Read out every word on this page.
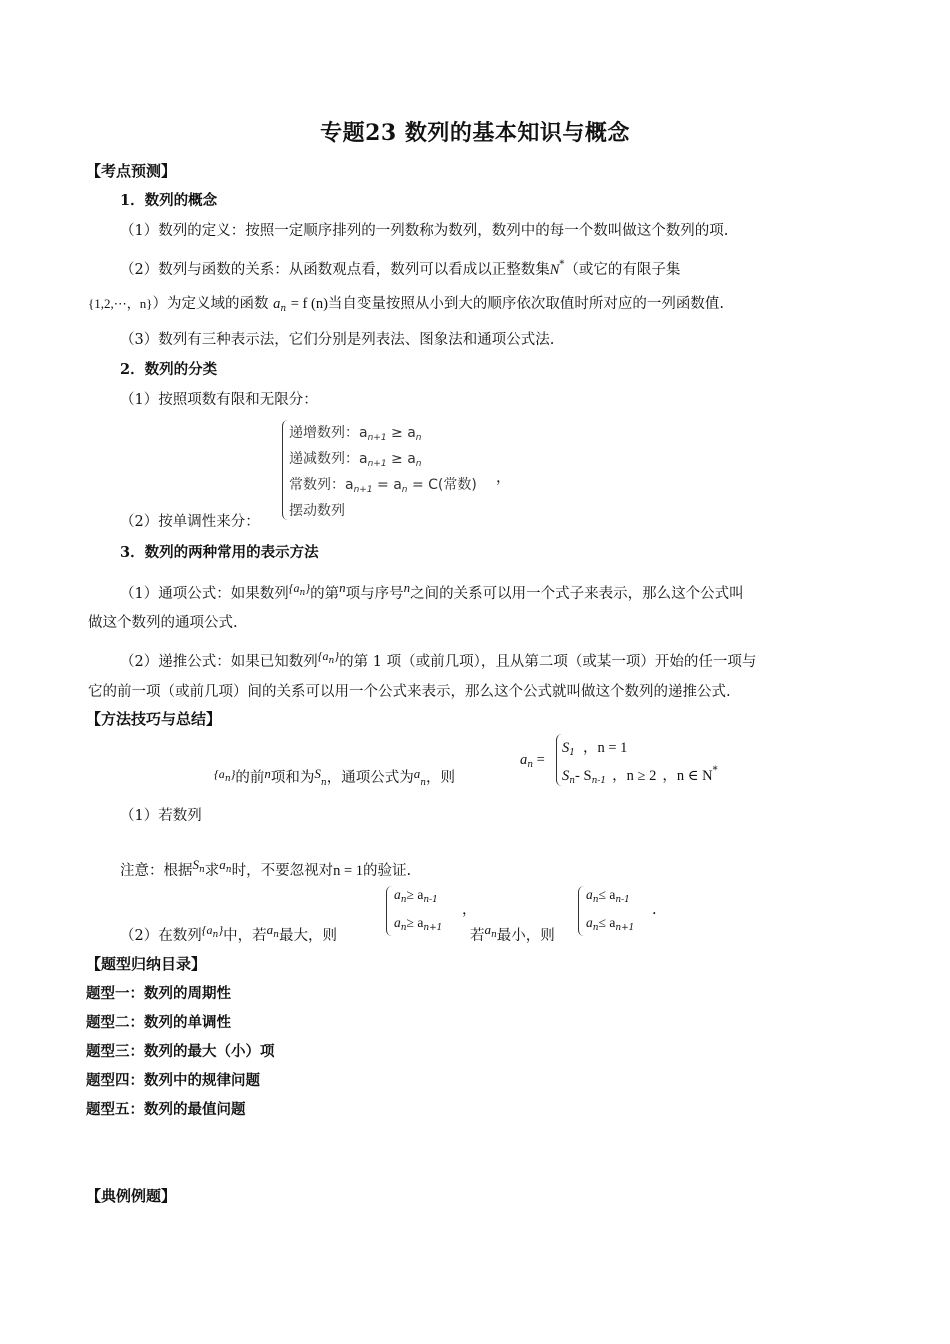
专题23 数列的基本知识与概念
【考点预测】
1．数列的概念
（1）数列的定义：按照一定顺序排列的一列数称为数列，数列中的每一个数叫做这个数列的项.
（2）数列与函数的关系：从函数观点看，数列可以看成以正整数集N*（或它的有限子集
{1,2,⋯，n}）为定义域的函数 $a_n = f$ (n)当自变量按照从小到大的顺序依次取值时所对应的一列函数值.
（3）数列有三种表示法，它们分别是列表法、图象法和通项公式法.
2．数列的分类
（1）按照项数有限和无限分：
递增数列：$a_{n+1} \ge a_n$
递减数列：$a_{n+1} \ge a_n$
常数列：$a_{n+1} = a_n = C$(常数)
摆动数列
，
（2）按单调性来分：
3．数列的两种常用的表示方法
（1）通项公式：如果数列$^{\{an\}}$的第n项与序号n之间的关系可以用一个式子来表示，那么这个公式叫
做这个数列的通项公式.
（2）递推公式：如果已知数列$^{\{an\}}$的第 1 项（或前几项），且从第二项（或某一项）开始的任一项与
它的前一项（或前几项）间的关系可以用一个公式来表示，那么这个公式就叫做这个数列的递推公式.
【方法技巧与总结】
$^{\{a}$n}的前n项和为$S_n$，通项公式为$a_n$，则
$a_n$ =
$S_1$ ，n = 1
$S_n-$ $S_{n-1}$ ，n ≥ 2 ，n ∈ N*
（1）若数列
注意：根据$S^n$求$a^n$时，不要忽视对n = 1的验证.
（2）在数列$^{\{an\}}$中，若$a^n$最大，则
$a_n\ge a_{n-1}$
$a_n\ge a_{n+1}$
，
若$a^n$最小，则
$a_n\le a_{n-1}$
$a_n\le a_{n+1}$
.
【题型归纳目录】
题型一：数列的周期性
题型二：数列的单调性
题型三：数列的最大（小）项
题型四：数列中的规律问题
题型五：数列的最值问题
【典例例题】
